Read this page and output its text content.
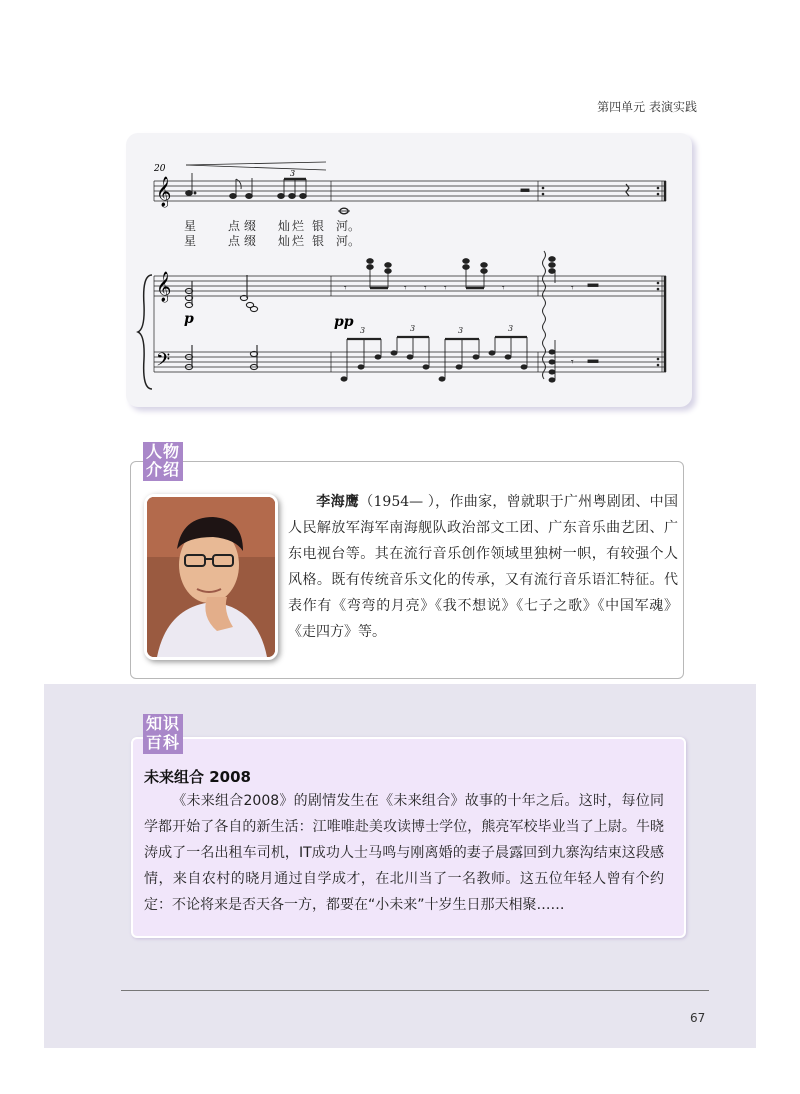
第四单元 表演实践
20
𝄞
3
星	点 缀 灿 烂 银 河。
星	点 缀 灿 烂 银 河。
𝄞
𝄢
p	pp
𝄾	𝄾 𝄾 𝄾	𝄾	𝄾
𝄾
3	3	3	3
人物
介绍
李海鹰（1954— ），作曲家，曾就职于广州粤剧团、中国人民解放军海军南海舰队政治部文工团、广东音乐曲艺团、广东电视台等。其在流行音乐创作领域里独树一帜，有较强个人风格。既有传统音乐文化的传承，又有流行音乐语汇特征。代表作有《弯弯的月亮》《我不想说》《七子之歌》《中国军魂》《走四方》等。
知识
百科
未来组合 2008
《未来组合2008》的剧情发生在《未来组合》故事的十年之后。这时，每位同学都开始了各自的新生活：江唯唯赴美攻读博士学位，熊亮军校毕业当了上尉。牛晓涛成了一名出租车司机，IT成功人士马鸣与刚离婚的妻子晨露回到九寨沟结束这段感情，来自农村的晓月通过自学成才，在北川当了一名教师。这五位年轻人曾有个约定：不论将来是否天各一方，都要在“小未来”十岁生日那天相聚……
67
